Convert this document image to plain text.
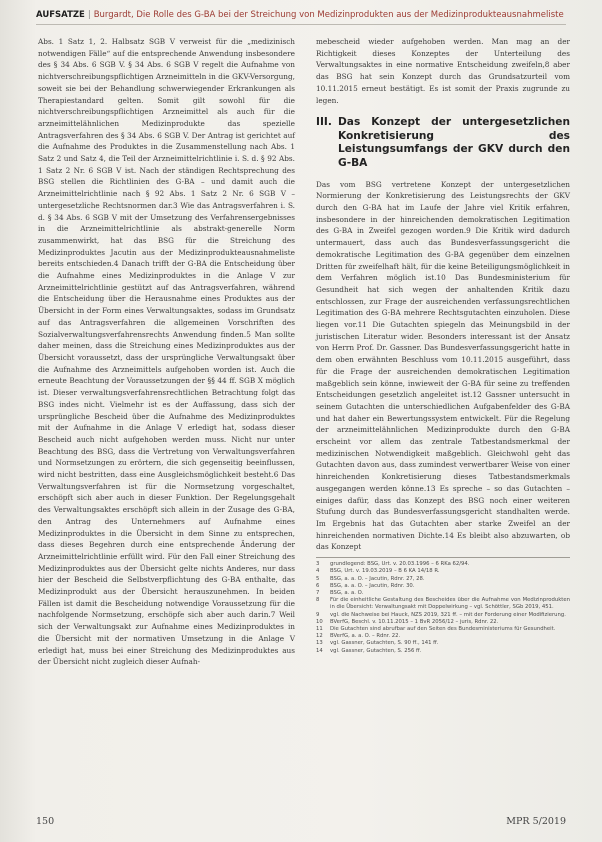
AUFSÄTZE | Burgardt, Die Rolle des G-BA bei der Streichung von Medizinprodukten aus der Medizinprodukteausnahmeliste

Abs. 1 Satz 1, 2. Halbsatz SGB V verweist für die „medizinisch notwendigen Fälle“ auf die entsprechende Anwendung insbesondere des § 34 Abs. 6 SGB V. § 34 Abs. 6 SGB V regelt die Aufnahme von nichtverschreibungspflichtigen Arzneimitteln in die GKV-Versorgung, soweit sie bei der Behandlung schwerwiegender Erkrankungen als Therapiestandard gelten. Somit gilt sowohl für die nichtverschreibungspflichtigen Arzneimittel als auch für die arzneimittelähnlichen Medizinprodukte das spezielle Antragsverfahren des § 34 Abs. 6 SGB V. Der Antrag ist gerichtet auf die Aufnahme des Produktes in die Zusammenstellung nach Abs. 1 Satz 2 und Satz 4, die Teil der Arzneimittelrichtlinie i. S. d. § 92 Abs. 1 Satz 2 Nr. 6 SGB V ist. Nach der ständigen Rechtsprechung des BSG stellen die Richtlinien des G-BA – und damit auch die Arzneimittelrichtlinie nach § 92 Abs. 1 Satz 2 Nr. 6 SGB V – untergesetzliche Rechtsnormen dar.3 Wie das Antragsverfahren i. S. d. § 34 Abs. 6 SGB V mit der Umsetzung des Verfahrensergebnisses in die Arzneimittelrichtlinie als abstrakt-generelle Norm zusammenwirkt, hat das BSG für die Streichung des Medizinproduktes Jacutin aus der Medizinprodukteausnahmeliste bereits entschieden.4 Danach trifft der G-BA die Entscheidung über die Aufnahme eines Medizinproduktes in die Anlage V zur Arzneimittelrichtlinie gestützt auf das Antragsverfahren, während die Entscheidung über die Herausnahme eines Produktes aus der Übersicht in der Form eines Verwaltungsaktes, sodass im Grundsatz auf das Antragsverfahren die allgemeinen Vorschriften des Sozialverwaltungsverfahrensrechts Anwendung finden.5 Man sollte daher meinen, dass die Streichung eines Medizinproduktes aus der Übersicht voraussetzt, dass der ursprüngliche Verwaltungsakt über die Aufnahme des Arzneimittels aufgehoben worden ist. Auch die erneute Beachtung der Voraussetzungen der §§ 44 ff. SGB X möglich ist. Dieser verwaltungsverfahrensrechtlichen Betrachtung folgt das BSG indes nicht. Vielmehr ist es der Auffassung, dass sich der ursprüngliche Bescheid über die Aufnahme des Medizinproduktes mit der Aufnahme in die Anlage V erledigt hat, sodass dieser Bescheid auch nicht aufgehoben werden muss. Nicht nur unter Beachtung des BSG, dass die Vertretung von Verwaltungsverfahren und Normsetzungen zu erörtern, die sich gegenseitig beeinflussen, wird nicht bestritten, dass eine Ausgleichsmöglichkeit besteht.6 Das Verwaltungsverfahren ist für die Normsetzung vorgeschaltet, erschöpft sich aber auch in dieser Funktion. Der Regelungsgehalt des Verwaltungsaktes erschöpft sich allein in der Zusage des G-BA, den Antrag des Unternehmers auf Aufnahme eines Medizinproduktes in die Übersicht in dem Sinne zu entsprechen, dass dieses Begehren durch eine entsprechende Änderung der Arzneimittelrichtlinie erfüllt wird. Für den Fall einer Streichung des Medizinproduktes aus der Übersicht gelte nichts Anderes, nur dass hier der Bescheid die Selbstverpflichtung des G-BA enthalte, das Medizinprodukt aus der Übersicht herauszunehmen. In beiden Fällen ist damit die Bescheidung notwendige Voraussetzung für die nachfolgende Normsetzung, erschöpfe sich aber auch darin.7 Weil sich der Verwaltungsakt zur Aufnahme eines Medizinproduktes in die Übersicht mit der normativen Umsetzung in die Anlage V erledigt hat, muss bei einer Streichung des Medizinproduktes aus der Übersicht nicht zugleich dieser Aufnah-

mebescheid wieder aufgehoben werden. Man mag an der Richtigkeit dieses Konzeptes der Unterteilung des Verwaltungsaktes in eine normative Entscheidung zweifeln,8 aber das BSG hat sein Konzept durch das Grundsatzurteil vom 10.11.2015 erneut bestätigt. Es ist somit der Praxis zugrunde zu legen.

III. Das Konzept der untergesetzlichen Konkretisierung des Leistungsumfangs der GKV durch den G-BA

Das vom BSG vertretene Konzept der untergesetzlichen Normierung der Konkretisierung des Leistungsrechts der GKV durch den G-BA hat im Laufe der Jahre viel Kritik erfahren, insbesondere in der hinreichenden demokratischen Legitimation des G-BA in Zweifel gezogen worden.9 Die Kritik wird dadurch untermauert, dass auch das Bundesverfassungsgericht die demokratische Legitimation des G-BA gegenüber dem einzelnen Dritten für zweifelhaft hält, für die keine Beteiligungsmöglichkeit in dem Verfahren möglich ist.10 Das Bundesministerium für Gesundheit hat sich wegen der anhaltenden Kritik dazu entschlossen, zur Frage der ausreichenden verfassungsrechtlichen Legitimation des G-BA mehrere Rechtsgutachten einzuholen. Diese liegen vor.11 Die Gutachten spiegeln das Meinungsbild in der juristischen Literatur wider. Besonders interessant ist der Ansatz von Herrn Prof. Dr. Gassner. Das Bundesverfassungsgericht hatte in dem oben erwähnten Beschluss vom 10.11.2015 ausgeführt, dass für die Frage der ausreichenden demokratischen Legitimation maßgeblich sein könne, inwieweit der G-BA für seine zu treffenden Entscheidungen gesetzlich angeleitet ist.12 Gassner untersucht in seinem Gutachten die unterschiedlichen Aufgabenfelder des G-BA und hat daher ein Bewertungssystem entwickelt. Für die Regelung der arzneimittelähnlichen Medizinprodukte durch den G-BA erscheint vor allem das zentrale Tatbestandsmerkmal der medizinischen Notwendigkeit maßgeblich. Gleichwohl geht das Gutachten davon aus, dass zumindest verwertbarer Weise von einer hinreichenden Konkretisierung dieses Tatbestandsmerkmals ausgegangen werden könne.13 Es spreche – so das Gutachten – einiges dafür, dass das Konzept des BSG noch einer weiteren Stufung durch das Bundesverfassungsgericht standhalten werde. Im Ergebnis hat das Gutachten aber starke Zweifel an der hinreichenden normativen Dichte.14 Es bleibt also abzuwarten, ob das Konzept

3	grundlegend: BSG, Urt. v. 20.03.1996 – 6 RKa 62/94.
4	BSG, Urt. v. 19.03.2019 – B 6 KA 14/18 R.
5	BSG, a. a. O. – Jacutin, Rdnr. 27, 28.
6	BSG, a. a. O. – Jacutin, Rdnr. 30.
7	BSG, a. a. O.
8	Für die einheitliche Gestaltung des Bescheides über die Aufnahme von Medizinprodukten in die Übersicht: Verwaltungsakt mit Doppelwirkung – vgl. Schöttler, SGb 2019, 451.
9	vgl. die Nachweise bei Hauck, NZS 2019, 321 ff. – mit der Forderung einer Modifizierung.
10	BVerfG, Beschl. v. 10.11.2015 – 1 BvR 2056/12 – juris, Rdnr. 22.
11	Die Gutachten sind abrufbar auf den Seiten des Bundesministeriums für Gesundheit.
12	BVerfG, a. a. O. – Rdnr. 22.
13	vgl. Gassner, Gutachten, S. 90 ff., 141 ff.
14	vgl. Gassner, Gutachten, S. 256 ff.
150	MPR 5/2019
